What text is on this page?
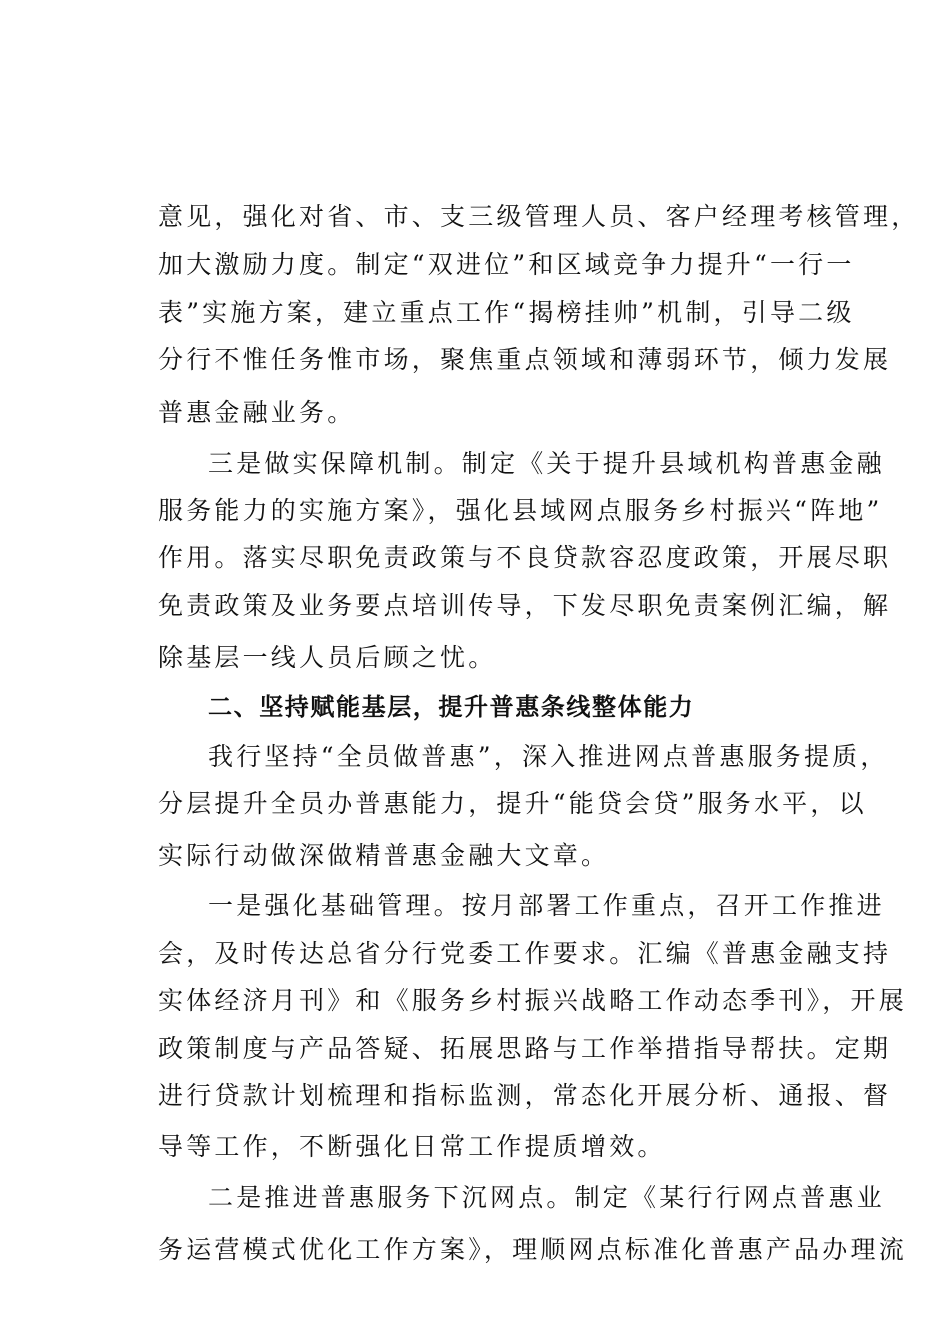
意见，强化对省、市、支三级管理人员、客户经理考核管理，
加大激励力度。制定“双进位”和区域竞争力提升“一行一
表”实施方案，建立重点工作“揭榜挂帅”机制，引导二级
分行不惟任务惟市场，聚焦重点领域和薄弱环节，倾力发展
普惠金融业务。
三是做实保障机制。制定《关于提升县域机构普惠金融
服务能力的实施方案》，强化县域网点服务乡村振兴“阵地”
作用。落实尽职免责政策与不良贷款容忍度政策，开展尽职
免责政策及业务要点培训传导，下发尽职免责案例汇编，解
除基层一线人员后顾之忧。
二、坚持赋能基层，提升普惠条线整体能力
我行坚持“全员做普惠”，深入推进网点普惠服务提质，
分层提升全员办普惠能力，提升“能贷会贷”服务水平，以
实际行动做深做精普惠金融大文章。
一是强化基础管理。按月部署工作重点，召开工作推进
会，及时传达总省分行党委工作要求。汇编《普惠金融支持
实体经济月刊》和《服务乡村振兴战略工作动态季刊》，开展
政策制度与产品答疑、拓展思路与工作举措指导帮扶。定期
进行贷款计划梳理和指标监测，常态化开展分析、通报、督
导等工作，不断强化日常工作提质增效。
二是推进普惠服务下沉网点。制定《某行行网点普惠业
务运营模式优化工作方案》，理顺网点标准化普惠产品办理流
